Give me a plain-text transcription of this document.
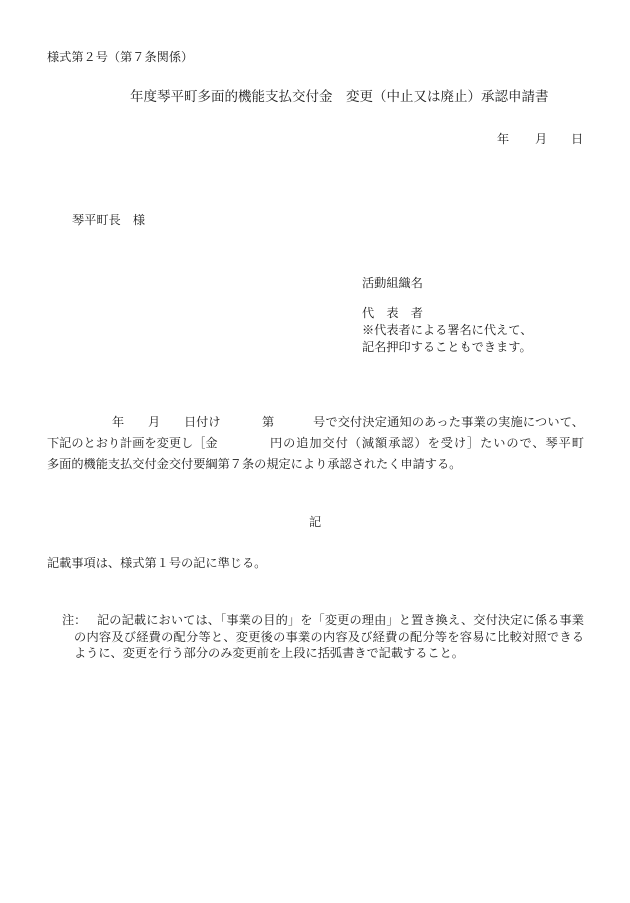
様式第２号（第７条関係）
年度琴平町多面的機能支払交付金　変更（中止又は廃止）承認申請書
年 月 日
琴平町長　様
活動組織名
代　表　者
※代表者による署名に代えて、
記名押印することもできます。
年 月 日付け	第	号で交付決定通知のあった事業の実施について、
下記のとおり計画を変更し［金	円の追加交付（減額承認）を受け］たいので、琴平町
多面的機能支払交付金交付要綱第７条の規定により承認されたく申請する。
記
記載事項は、様式第１号の記に準じる。
注： 記の記載においては、「事業の目的」を「変更の理由」と置き換え、交付決定に係る事業
の内容及び経費の配分等と、変更後の事業の内容及び経費の配分等を容易に比較対照できる
ように、変更を行う部分のみ変更前を上段に括弧書きで記載すること。
